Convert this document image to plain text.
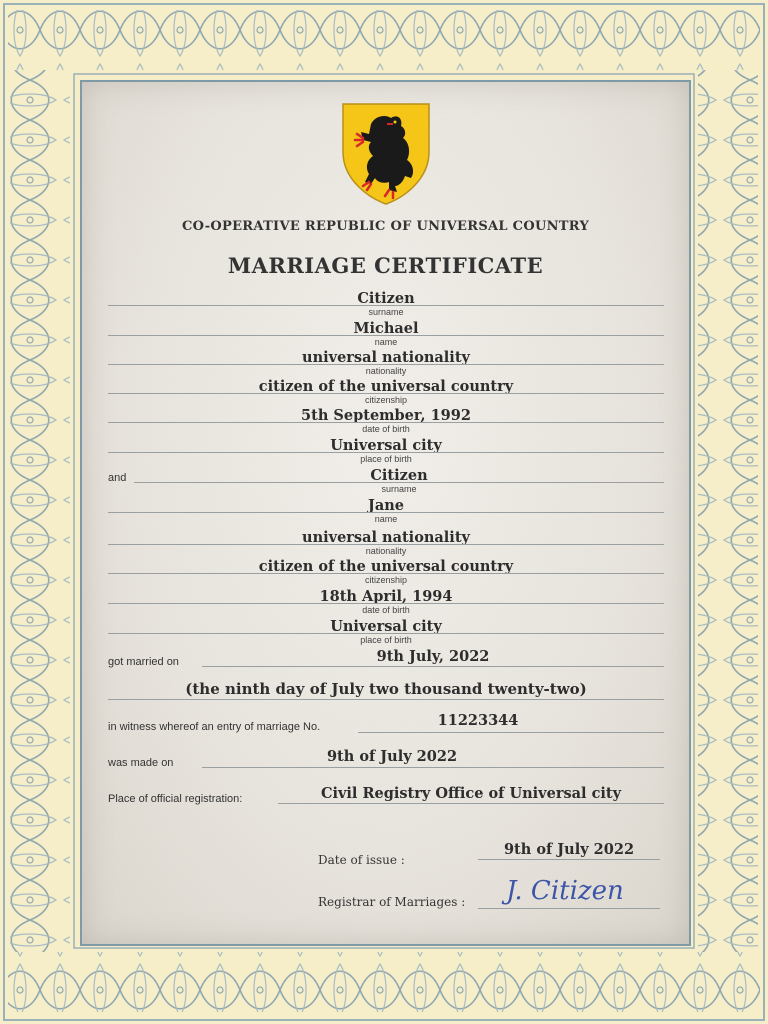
CO-OPERATIVE REPUBLIC OF UNIVERSAL COUNTRY
MARRIAGE CERTIFICATE
Citizen
surname
Michael
name
universal nationality
nationality
citizen of the universal country
citizenship
5th September, 1992
date of birth
Universal city
place of birth
and	Citizen
surname
Jane
name
universal nationality
nationality
citizen of the universal country
citizenship
18th April, 1994
date of birth
Universal city
place of birth
got married on	9th July, 2022
(the ninth day of July two thousand twenty-two)
in witness whereof an entry of marriage No.	11223344
was made on	9th of July 2022
Place of official registration:	Civil Registry Office of Universal city
Date of issue :
9th of July 2022
Registrar of Marriages : J. Citizen
